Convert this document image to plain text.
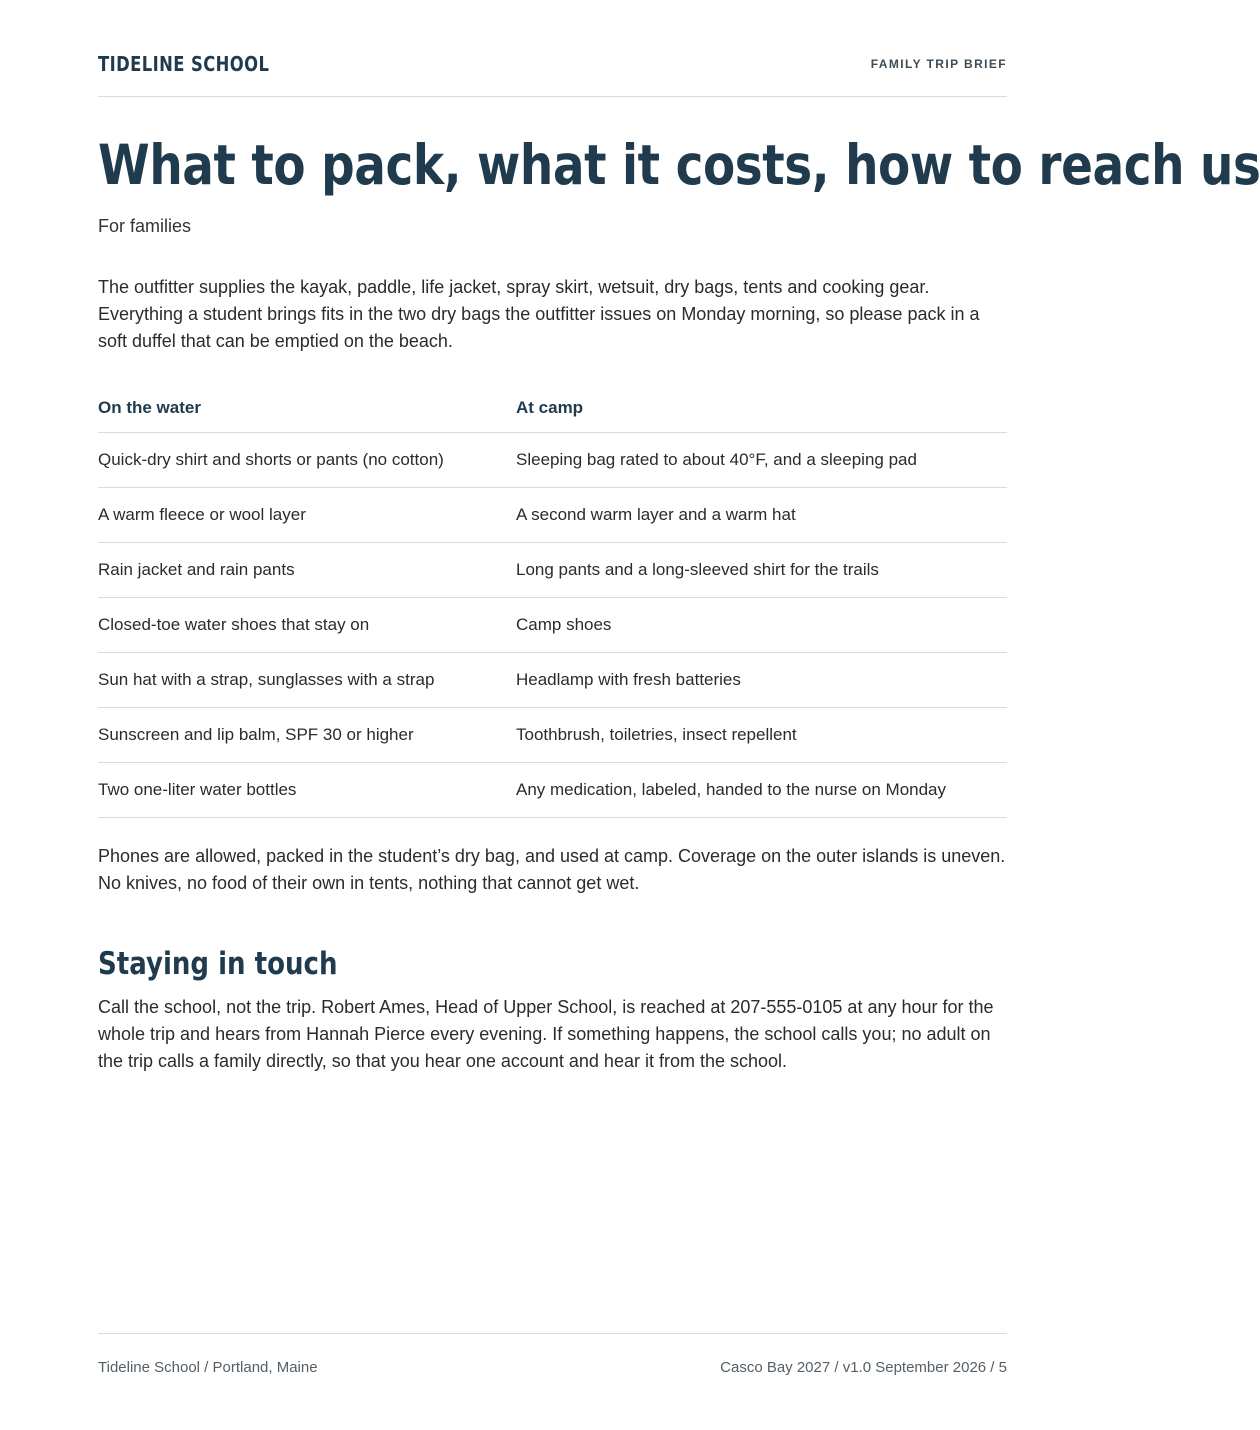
TIDELINE SCHOOL	FAMILY TRIP BRIEF
What to pack, what it costs, how to reach us
For families

The outfitter supplies the kayak, paddle, life jacket, spray skirt, wetsuit, dry bags, tents and cooking gear. Everything a student brings fits in the two dry bags the outfitter issues on Monday morning, so please pack in a soft duffel that can be emptied on the beach.

On the water	At camp
Quick-dry shirt and shorts or pants (no cotton)	Sleeping bag rated to about 40°F, and a sleeping pad
A warm fleece or wool layer	A second warm layer and a warm hat
Rain jacket and rain pants	Long pants and a long-sleeved shirt for the trails
Closed-toe water shoes that stay on	Camp shoes
Sun hat with a strap, sunglasses with a strap	Headlamp with fresh batteries
Sunscreen and lip balm, SPF 30 or higher	Toothbrush, toiletries, insect repellent
Two one-liter water bottles	Any medication, labeled, handed to the nurse on Monday

Phones are allowed, packed in the student’s dry bag, and used at camp. Coverage on the outer islands is uneven. No knives, no food of their own in tents, nothing that cannot get wet.

Staying in touch

Call the school, not the trip. Robert Ames, Head of Upper School, is reached at 207-555-0105 at any hour for the whole trip and hears from Hannah Pierce every evening. If something happens, the school calls you; no adult on the trip calls a family directly, so that you hear one account and hear it from the school.

Tideline School / Portland, Maine	Casco Bay 2027 / v1.0 September 2026 / 5
